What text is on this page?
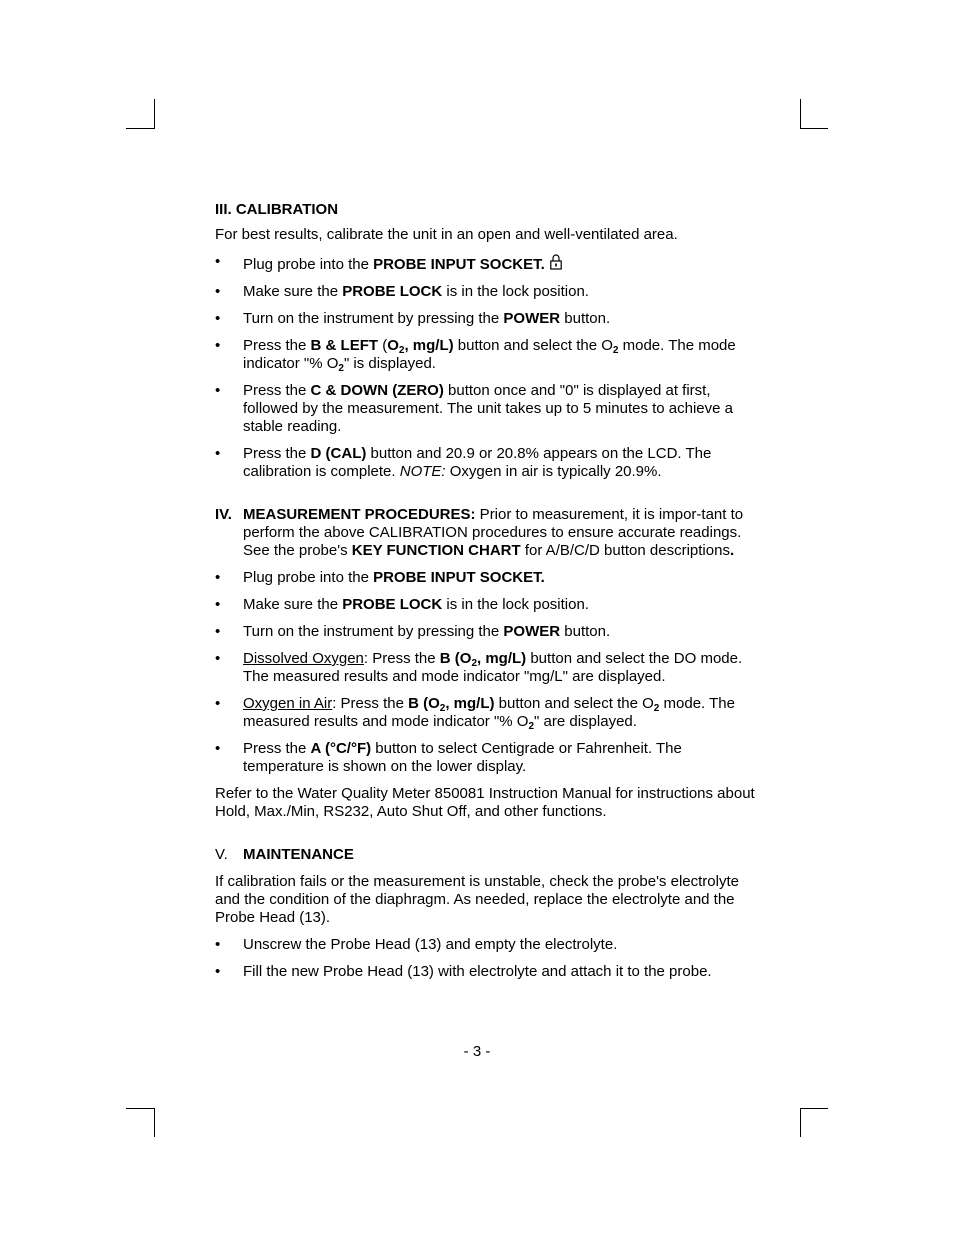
III. CALIBRATION

For best results, calibrate the unit in an open and well-ventilated area.

• Plug probe into the PROBE INPUT SOCKET.
• Make sure the PROBE LOCK is in the lock position.
• Turn on the instrument by pressing the POWER button.
• Press the B & LEFT ($O_2$, mg/L) button and select the $O_2$ mode. The mode indicator "% $O_2$" is displayed.
• Press the C & DOWN (ZERO) button once and "0" is displayed at first, followed by the measurement. The unit takes up to 5 minutes to achieve a stable reading.
• Press the D (CAL) button and 20.9 or 20.8% appears on the LCD. The calibration is complete. NOTE: Oxygen in air is typically 20.9%.
IV. MEASUREMENT PROCEDURES: Prior to measurement, it is impor-tant to perform the above CALIBRATION procedures to ensure accurate readings. See the probe's KEY FUNCTION CHART for A/B/C/D button descriptions.
• Plug probe into the PROBE INPUT SOCKET.
• Make sure the PROBE LOCK is in the lock position.
• Turn on the instrument by pressing the POWER button.
• Dissolved Oxygen: Press the B ($O_2$, mg/L) button and select the DO mode. The measured results and mode indicator "mg/L" are displayed.
• Oxygen in Air: Press the B ($O_2$, mg/L) button and select the $O_2$ mode. The measured results and mode indicator "% $O_2$" are displayed.
• Press the A (°C/°F) button to select Centigrade or Fahrenheit. The temperature is shown on the lower display.

Refer to the Water Quality Meter 850081 Instruction Manual for instructions about Hold, Max./Min, RS232, Auto Shut Off, and other functions.

V.	MAINTENANCE

If calibration fails or the measurement is unstable, check the probe's electrolyte and the condition of the diaphragm. As needed, replace the electrolyte and the Probe Head (13).

• Unscrew the Probe Head (13) and empty the electrolyte.
• Fill the new Probe Head (13) with electrolyte and attach it to the probe.
- 3 -
